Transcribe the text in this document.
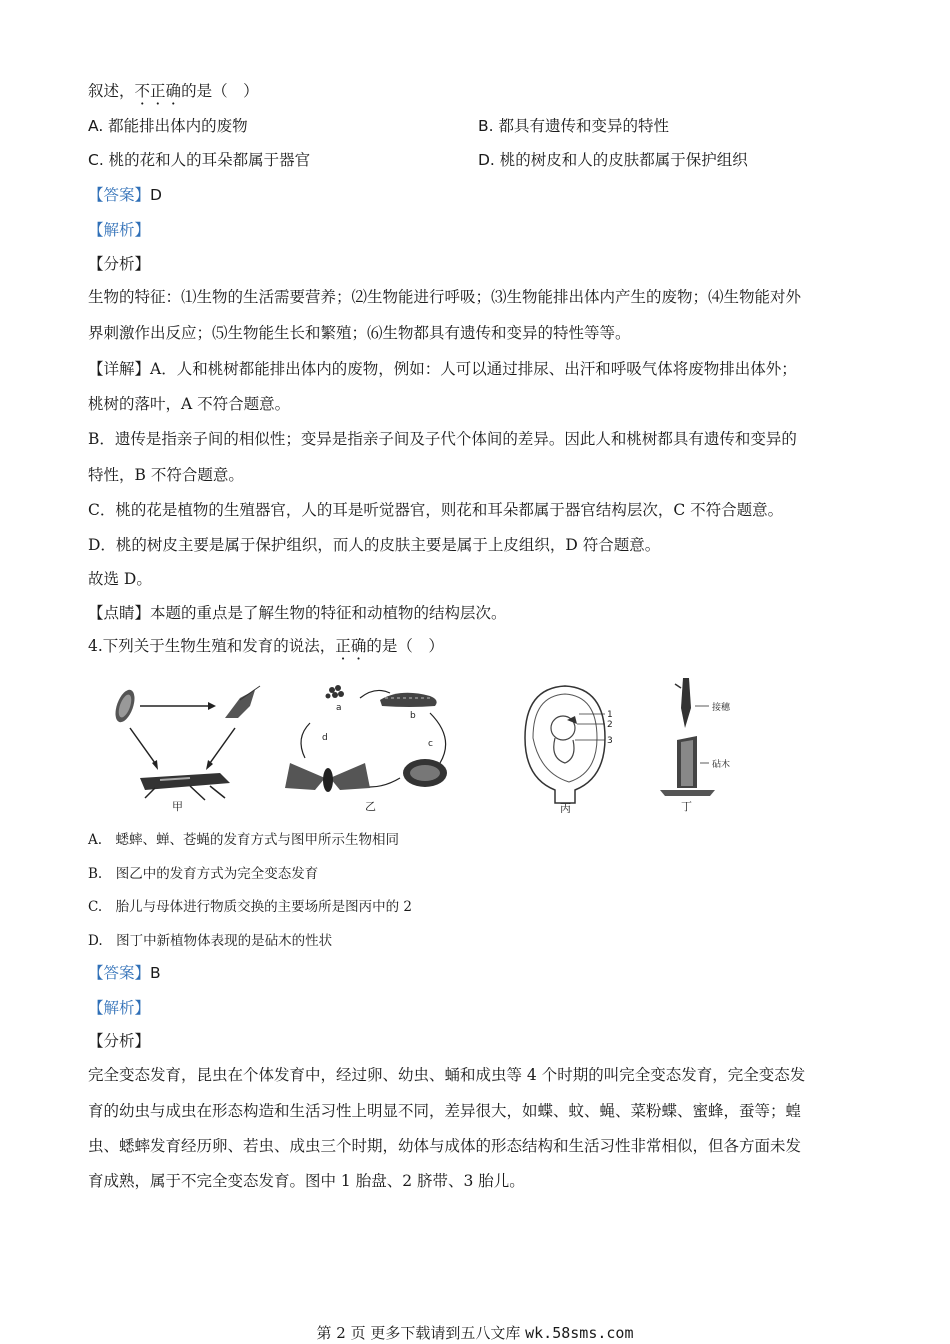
叙述，不正确的是（　）
A. 都能排出体内的废物	B. 都具有遗传和变异的特性
C. 桃的花和人的耳朵都属于器官	D. 桃的树皮和人的皮肤都属于保护组织
【答案】D
【解析】
【分析】
生物的特征：⑴生物的生活需要营养；⑵生物能进行呼吸；⑶生物能排出体内产生的废物；⑷生物能对外
界刺激作出反应；⑸生物能生长和繁殖；⑹生物都具有遗传和变异的特性等等。
【详解】A．人和桃树都能排出体内的废物，例如：人可以通过排尿、出汗和呼吸气体将废物排出体外；
桃树的落叶，A 不符合题意。
B．遗传是指亲子间的相似性；变异是指亲子间及子代个体间的差异。因此人和桃树都具有遗传和变异的
特性，B 不符合题意。
C．桃的花是植物的生殖器官，人的耳是听觉器官，则花和耳朵都属于器官结构层次，C 不符合题意。
D．桃的树皮主要是属于保护组织，而人的皮肤主要是属于上皮组织，D 符合题意。
故选 D。
【点睛】本题的重点是了解生物的特征和动植物的结构层次。
4.下列关于生物生殖和发育的说法，正确的是（　）
甲
a
b
c
d
乙
1
2
3
丙
接穗
砧木
丁
A.　蟋蟀、蝉、苍蝇的发育方式与图甲所示生物相同
B.　图乙中的发育方式为完全变态发育
C.　胎儿与母体进行物质交换的主要场所是图丙中的 2
D.　图丁中新植物体表现的是砧木的性状
【答案】B
【解析】
【分析】
完全变态发育，昆虫在个体发育中，经过卵、幼虫、蛹和成虫等 4 个时期的叫完全变态发育，完全变态发
育的幼虫与成虫在形态构造和生活习性上明显不同，差异很大，如蝶、蚊、蝇、菜粉蝶、蜜蜂，蚕等；蝗
虫、蟋蟀发育经历卵、若虫、成虫三个时期，幼体与成体的形态结构和生活习性非常相似，但各方面未发
育成熟，属于不完全变态发育。图中 1 胎盘、2 脐带、3 胎儿。
第 2 页 更多下载请到五八文库 wk.58sms.com
